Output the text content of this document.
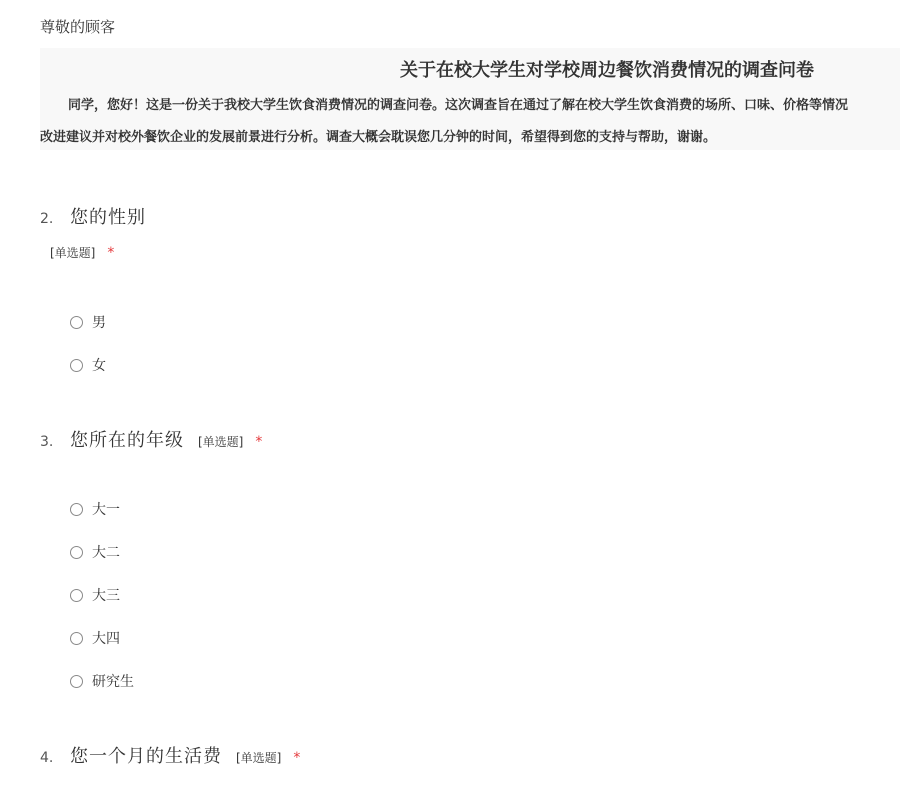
尊敬的顾客
关于在校大学生对学校周边餐饮消费情况的调查问卷
同学，您好！这是一份关于我校大学生饮食消费情况的调查问卷。这次调查旨在通过了解在校大学生饮食消费的场所、口味、价格等情况
改进建议并对校外餐饮企业的发展前景进行分析。调查大概会耽误您几分钟的时间，希望得到您的支持与帮助，谢谢。
2. 您的性别
[单选题] *
男
女
3. 您所在的年级 [单选题] *
大一
大二
大三
大四
研究生
4. 您一个月的生活费 [单选题] *
